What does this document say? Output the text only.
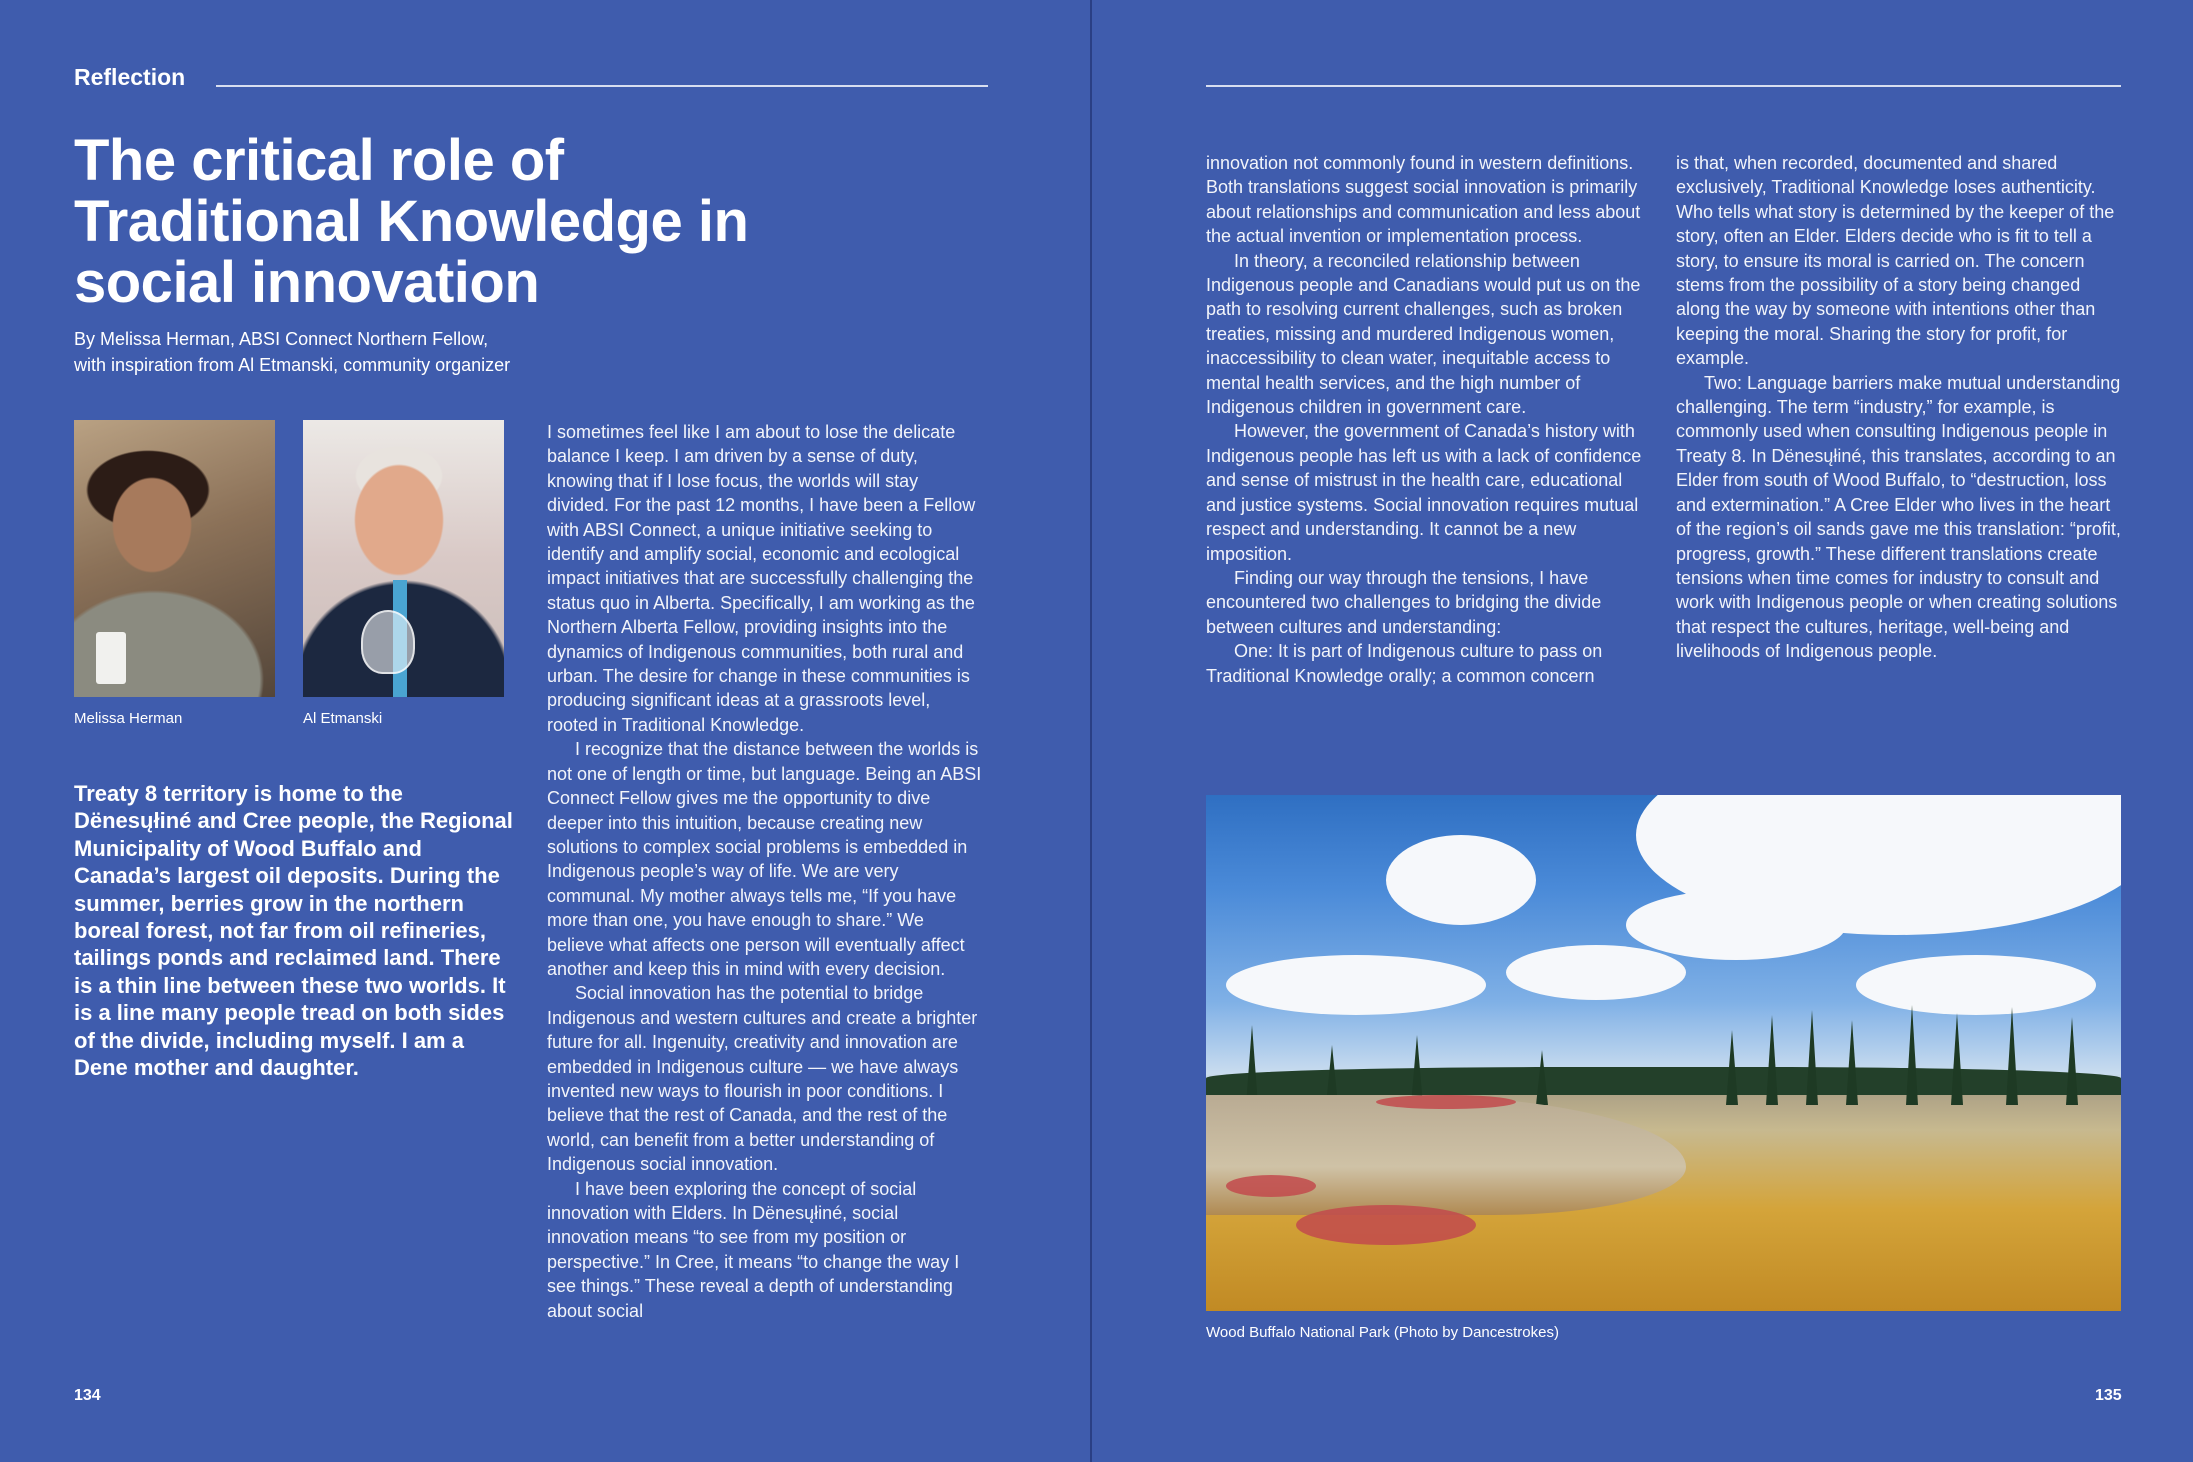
Reflection
The critical role of Traditional Knowledge in social innovation
By Melissa Herman, ABSI Connect Northern Fellow,
with inspiration from Al Etmanski, community organizer
Melissa Herman	Al Etmanski

Treaty 8 territory is home to the Dënesųłiné and Cree people, the Regional Municipality of Wood Buffalo and Canada’s largest oil deposits. During the summer, berries grow in the northern boreal forest, not far from oil refineries, tailings ponds and reclaimed land. There is a thin line between these two worlds. It is a line many people tread on both sides of the divide, including myself. I am a Dene mother and daughter.

I sometimes feel like I am about to lose the delicate balance I keep. I am driven by a sense of duty, knowing that if I lose focus, the worlds will stay divided. For the past 12 months, I have been a Fellow with ABSI Connect, a unique initiative seeking to identify and amplify social, economic and ecological impact initiatives that are successfully challenging the status quo in Alberta. Specifically, I am working as the Northern Alberta Fellow, providing insights into the dynamics of Indigenous communities, both rural and urban. The desire for change in these communities is producing significant ideas at a grassroots level, rooted in Traditional Knowledge.

I recognize that the distance between the worlds is not one of length or time, but language. Being an ABSI Connect Fellow gives me the opportunity to dive deeper into this intuition, because creating new solutions to complex social problems is embedded in Indigenous people’s way of life. We are very communal. My mother always tells me, “If you have more than one, you have enough to share.” We believe what affects one person will eventually affect another and keep this in mind with every decision.

Social innovation has the potential to bridge Indigenous and western cultures and create a brighter future for all. Ingenuity, creativity and innovation are embedded in Indigenous culture — we have always invented new ways to flourish in poor conditions. I believe that the rest of Canada, and the rest of the world, can benefit from a better understanding of Indigenous social innovation.

I have been exploring the concept of social innovation with Elders. In Dënesųłiné, social innovation means “to see from my position or perspective.” In Cree, it means “to change the way I see things.” These reveal a depth of understanding about social

134

innovation not commonly found in western definitions. Both translations suggest social innovation is primarily about relationships and communication and less about the actual invention or implementation process.

In theory, a reconciled relationship between Indigenous people and Canadians would put us on the path to resolving current challenges, such as broken treaties, missing and murdered Indigenous women, inaccessibility to clean water, inequitable access to mental health services, and the high number of Indigenous children in government care.

However, the government of Canada’s history with Indigenous people has left us with a lack of confidence and sense of mistrust in the health care, educational and justice systems. Social innovation requires mutual respect and understanding. It cannot be a new imposition.

Finding our way through the tensions, I have encountered two challenges to bridging the divide between cultures and understanding:

One: It is part of Indigenous culture to pass on Traditional Knowledge orally; a common concern

is that, when recorded, documented and shared exclusively, Traditional Knowledge loses authenticity. Who tells what story is determined by the keeper of the story, often an Elder. Elders decide who is fit to tell a story, to ensure its moral is carried on. The concern stems from the possibility of a story being changed along the way by someone with intentions other than keeping the moral. Sharing the story for profit, for example.

Two: Language barriers make mutual understanding challenging. The term “industry,” for example, is commonly used when consulting Indigenous people in Treaty 8. In Dënesųłiné, this translates, according to an Elder from south of Wood Buffalo, to “destruction, loss and extermination.” A Cree Elder who lives in the heart of the region’s oil sands gave me this translation: “profit, progress, growth.” These different translations create tensions when time comes for industry to consult and work with Indigenous people or when creating solutions that respect the cultures, heritage, well-being and livelihoods of Indigenous people.

Wood Buffalo National Park (Photo by Dancestrokes)
135
